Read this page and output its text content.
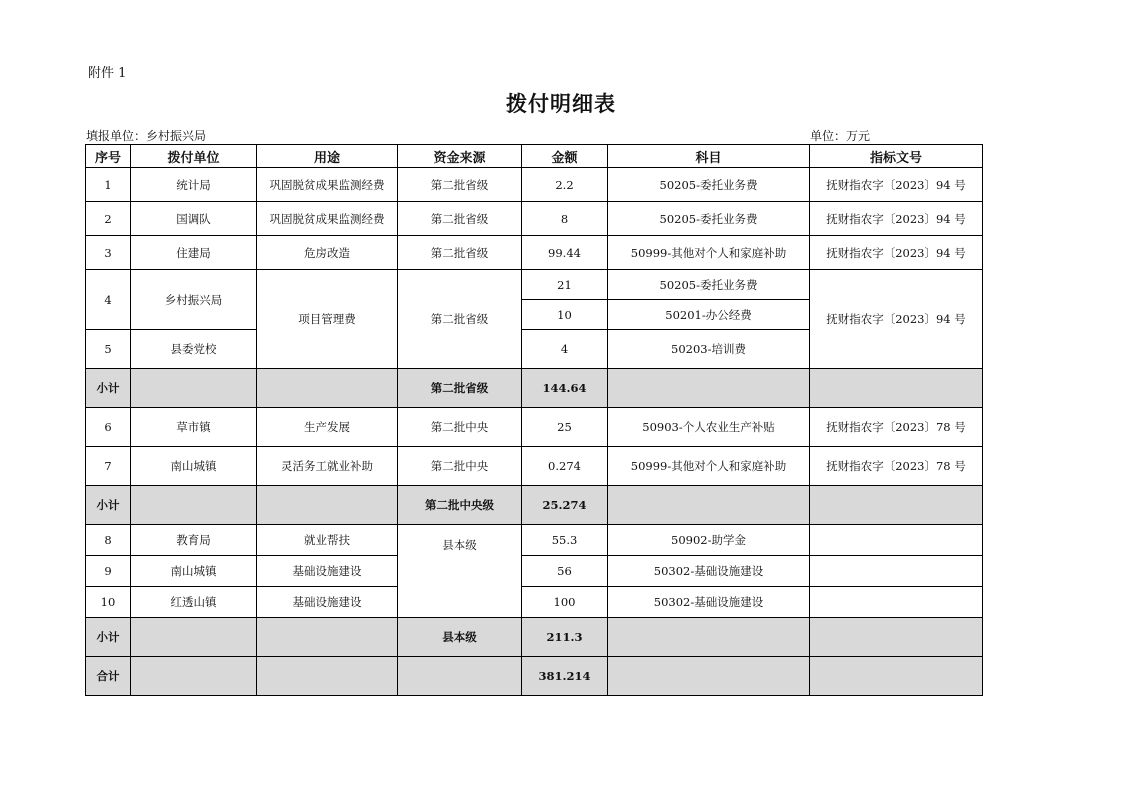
附件 1
拨付明细表
填报单位：乡村振兴局	单位：万元
序号	拨付单位	用途	资金来源	金额	科目	指标文号
1	统计局	巩固脱贫成果监测经费	第二批省级	2.2	50205-委托业务费	抚财指农字〔2023〕94 号
2	国调队	巩固脱贫成果监测经费	第二批省级	8	50205-委托业务费	抚财指农字〔2023〕94 号
3	住建局	危房改造	第二批省级	99.44	50999-其他对个人和家庭补助	抚财指农字〔2023〕94 号
4	乡村振兴局	项目管理费	第二批省级	21	50205-委托业务费	抚财指农字〔2023〕94 号
				10	50201-办公经费	
5	县委党校			4	50203-培训费	
小计			第二批省级	144.64		
6	草市镇	生产发展	第二批中央	25	50903-个人农业生产补贴	抚财指农字〔2023〕78 号
7	南山城镇	灵活务工就业补助	第二批中央	0.274	50999-其他对个人和家庭补助	抚财指农字〔2023〕78 号
小计			第二批中央级	25.274		
8	教育局	就业帮扶	县本级	55.3	50902-助学金	
9	南山城镇	基础设施建设		56	50302-基础设施建设	
10	红透山镇	基础设施建设		100	50302-基础设施建设	
小计			县本级	211.3		
合计				381.214		
